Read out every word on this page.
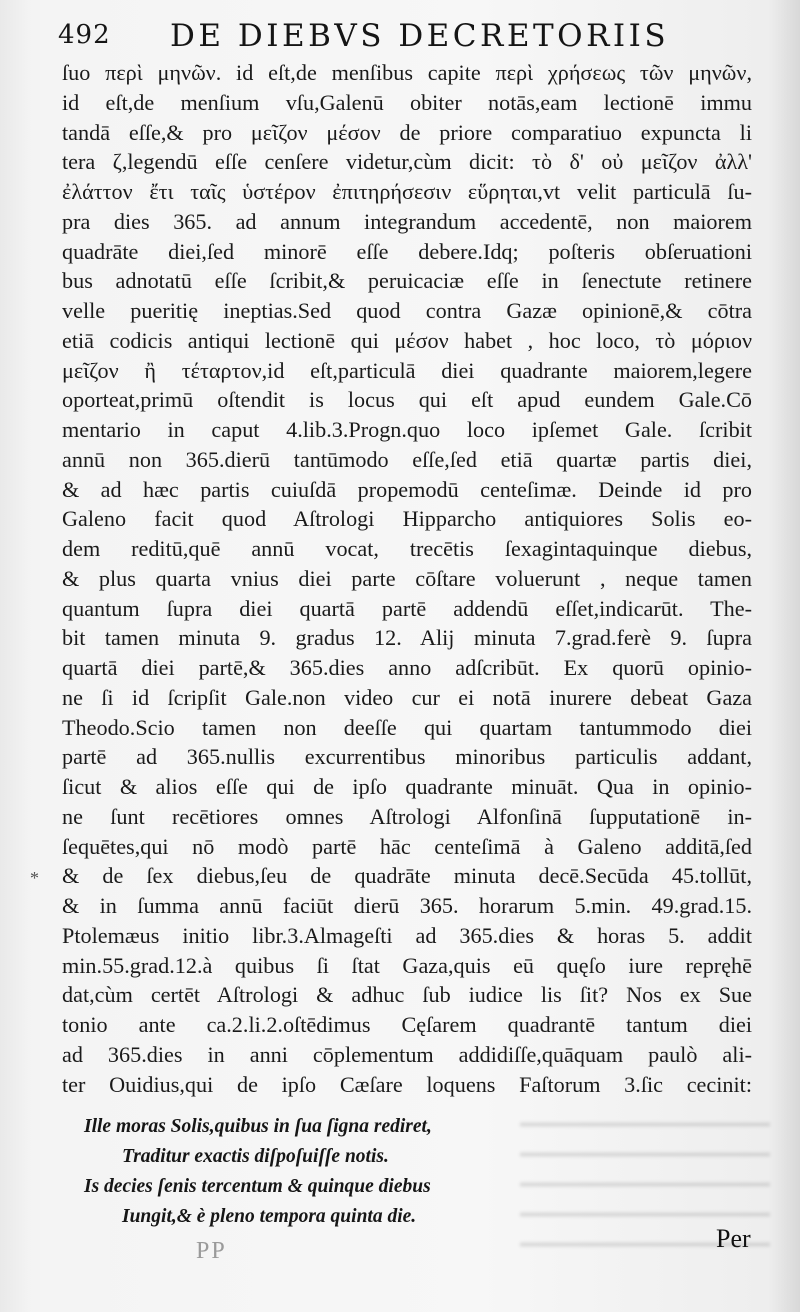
492 DE DIEBVS DECRETORIIS
ſuo περὶ μηνῶν. id eſt,de menſibus capite περὶ χρήσεως τῶν μηνῶν,
id eſt,de menſium vſu,Galenū obiter notās,eam lectionē immu
tandā eſſe,& pro μεῖζον μέσον de priore comparatiuo expuncta li
tera ζ,legendū eſſe cenſere videtur,cùm dicit: τὸ δ' οὐ μεῖζον ἀλλ'
ἐλάττον ἔτι ταῖς ὑστέρον ἐπιτηρήσεσιν εὕρηται,vt velit particulā ſu-
pra dies 365. ad annum integrandum accedentē, non maiorem
quadrāte diei,ſed minorē eſſe debere.Idq; poſteris obſeruationi
bus adnotatū eſſe ſcribit,& peruicaciæ eſſe in ſenectute retinere
velle pueritię ineptias.Sed quod contra Gazæ opinionē,& cōtra
etiā codicis antiqui lectionē qui μέσον habet , hoc loco, τὸ μόριον
μεῖζον ἢ τέταρτον,id eſt,particulā diei quadrante maiorem,legere
oporteat,primū oſtendit is locus qui eſt apud eundem Gale.Cō
mentario in caput 4.lib.3.Progn.quo loco ipſemet Gale. ſcribit
annū non 365.dierū tantūmodo eſſe,ſed etiā quartæ partis diei,
& ad hæc partis cuiuſdā propemodū centeſimæ. Deinde id pro
Galeno facit quod Aſtrologi Hipparcho antiquiores Solis eo-
dem reditū,quē annū vocat, trecētis ſexagintaquinque diebus,
& plus quarta vnius diei parte cōſtare voluerunt , neque tamen
quantum ſupra diei quartā partē addendū eſſet,indicarūt. The-
bit tamen minuta 9. gradus 12. Alij minuta 7.grad.ferè 9. ſupra
quartā diei partē,& 365.dies anno adſcribūt. Ex quorū opinio-
ne ſi id ſcripſit Gale.non video cur ei notā inurere debeat Gaza
Theodo.Scio tamen non deeſſe qui quartam tantummodo diei
partē ad 365.nullis excurrentibus minoribus particulis addant,
ſicut & alios eſſe qui de ipſo quadrante minuāt. Qua in opinio-
ne ſunt recētiores omnes Aſtrologi Alfonſinā ſupputationē in-
ſequētes,qui nō modò partē hāc centeſimā à Galeno additā,ſed
& de ſex diebus,ſeu de quadrāte minuta decē.Secūda 45.tollūt,
& in ſumma annū faciūt dierū 365. horarum 5.min. 49.grad.15.
Ptolemæus initio libr.3.Almageſti ad 365.dies & horas 5. addit
min.55.grad.12.à quibus ſi ſtat Gaza,quis eū quęſo iure repręhē
dat,cùm certēt Aſtrologi & adhuc ſub iudice lis ſit? Nos ex Sue
tonio ante ca.2.li.2.oſtēdimus Cęſarem quadrantē tantum diei
ad 365.dies in anni cōplementum addidiſſe,quāquam paulò ali-
ter Ouidius,qui de ipſo Cæſare loquens Faſtorum 3.ſic cecinit:
Ille moras Solis,quibus in ſua ſigna rediret,
Traditur exactis diſpoſuiſſe notis.
Is decies ſenis tercentum & quinque diebus
Iungit,& è pleno tempora quinta die.
Per
PP
*
